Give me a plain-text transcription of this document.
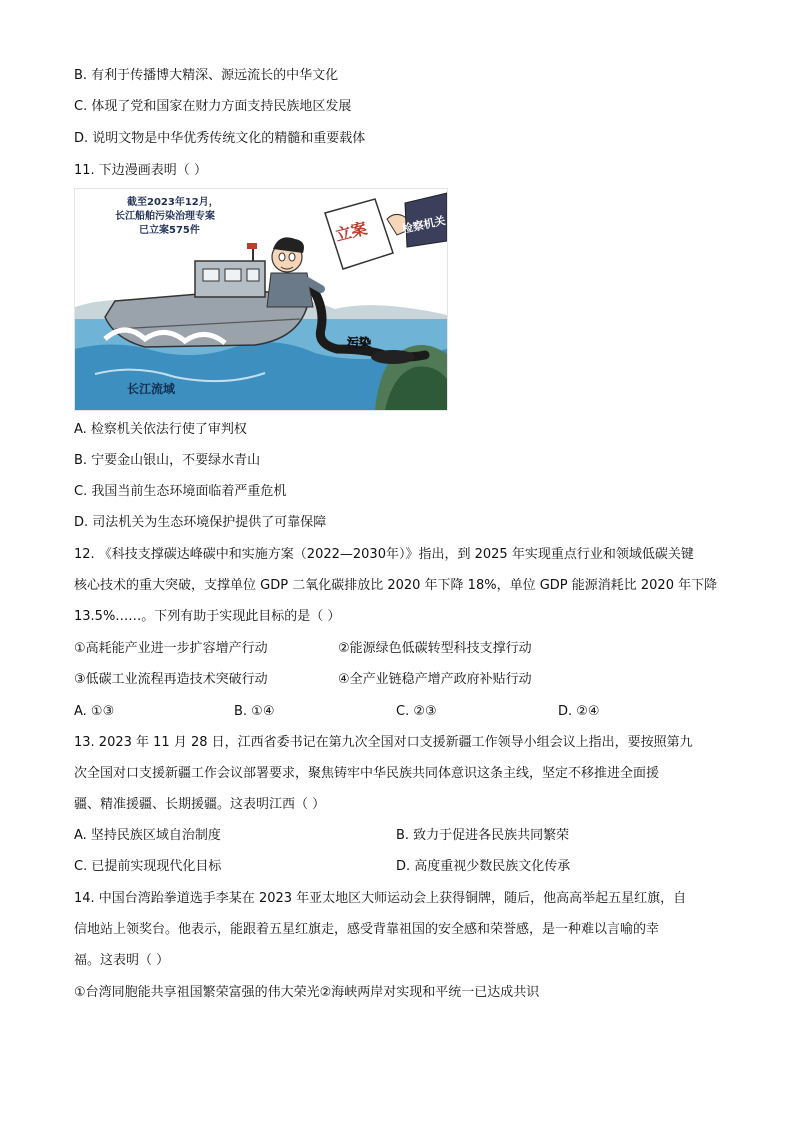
B. 有利于传播博大精深、源远流长的中华文化
C. 体现了党和国家在财力方面支持民族地区发展
D. 说明文物是中华优秀传统文化的精髓和重要载体
11. 下边漫画表明（ ）
污染
立案	检察机关
截至2023年12月，
长江船舶污染治理专案
已立案575件
长江流域
A. 检察机关依法行使了审判权
B. 宁要金山银山，不要绿水青山
C. 我国当前生态环境面临着严重危机
D. 司法机关为生态环境保护提供了可靠保障
12. 《科技支撑碳达峰碳中和实施方案（2022—2030年）》指出，到 2025 年实现重点行业和领域低碳关键
核心技术的重大突破，支撑单位 GDP 二氧化碳排放比 2020 年下降 18%，单位 GDP 能源消耗比 2020 年下降
13.5%……。下列有助于实现此目标的是（ ）
①高耗能产业进一步扩容增产行动	②能源绿色低碳转型科技支撑行动
③低碳工业流程再造技术突破行动	④全产业链稳产增产政府补贴行动
A. ①③	B. ①④	C. ②③	D. ②④
13. 2023 年 11 月 28 日，江西省委书记在第九次全国对口支援新疆工作领导小组会议上指出，要按照第九
次全国对口支援新疆工作会议部署要求，聚焦铸牢中华民族共同体意识这条主线，坚定不移推进全面援
疆、精准援疆、长期援疆。这表明江西（ ）
A. 坚持民族区域自治制度	B. 致力于促进各民族共同繁荣
C. 已提前实现现代化目标	D. 高度重视少数民族文化传承
14. 中国台湾跆拳道选手李某在 2023 年亚太地区大师运动会上获得铜牌，随后，他高高举起五星红旗，自
信地站上领奖台。他表示，能跟着五星红旗走，感受背靠祖国的安全感和荣誉感，是一种难以言喻的幸
福。这表明（ ）
①台湾同胞能共享祖国繁荣富强的伟大荣光②海峡两岸对实现和平统一已达成共识
